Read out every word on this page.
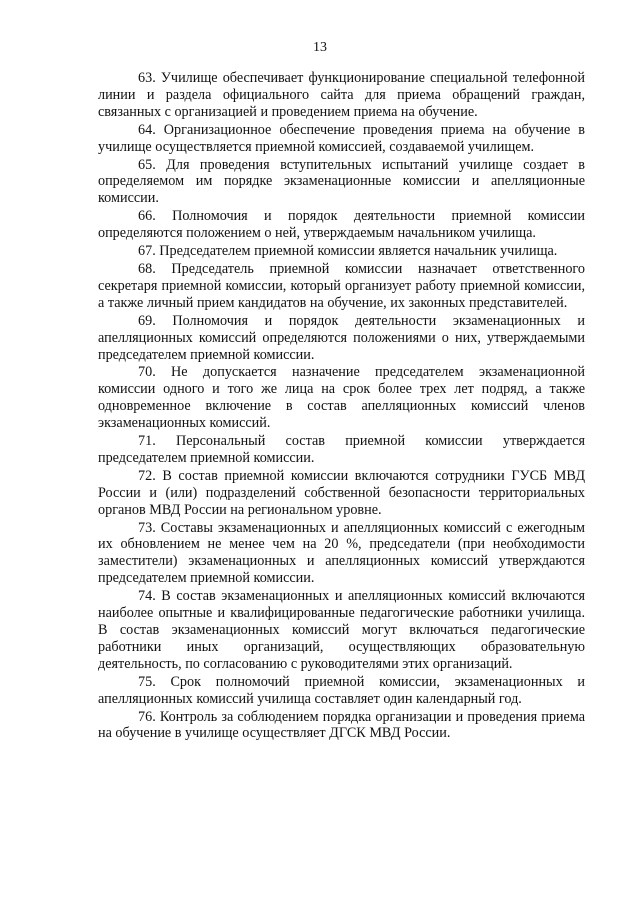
13

63. Училище обеспечивает функционирование специальной телефонной линии и раздела официального сайта для приема обращений граждан, связанных с организацией и проведением приема на обучение.

64. Организационное обеспечение проведения приема на обучение в училище осуществляется приемной комиссией, создаваемой училищем.

65. Для проведения вступительных испытаний училище создает в определяемом им порядке экзаменационные комиссии и апелляционные комиссии.

66. Полномочия и порядок деятельности приемной комиссии определяются положением о ней, утверждаемым начальником училища.

67. Председателем приемной комиссии является начальник училища.

68. Председатель приемной комиссии назначает ответственного секретаря приемной комиссии, который организует работу приемной комиссии, а также личный прием кандидатов на обучение, их законных представителей.

69. Полномочия и порядок деятельности экзаменационных и апелляционных комиссий определяются положениями о них, утверждаемыми председателем приемной комиссии.

70. Не допускается назначение председателем экзаменационной комиссии одного и того же лица на срок более трех лет подряд, а также одновременное включение в состав апелляционных комиссий членов экзаменационных комиссий.

71. Персональный состав приемной комиссии утверждается председателем приемной комиссии.

72. В состав приемной комиссии включаются сотрудники ГУСБ МВД России и (или) подразделений собственной безопасности территориальных органов МВД России на региональном уровне.

73. Составы экзаменационных и апелляционных комиссий с ежегодным их обновлением не менее чем на 20 %, председатели (при необходимости заместители) экзаменационных и апелляционных комиссий утверждаются председателем приемной комиссии.

74. В состав экзаменационных и апелляционных комиссий включаются наиболее опытные и квалифицированные педагогические работники училища. В состав экзаменационных комиссий могут включаться педагогические работники иных организаций, осуществляющих образовательную деятельность, по согласованию с руководителями этих организаций.

75. Срок полномочий приемной комиссии, экзаменационных и апелляционных комиссий училища составляет один календарный год.

76. Контроль за соблюдением порядка организации и проведения приема на обучение в училище осуществляет ДГСК МВД России.
